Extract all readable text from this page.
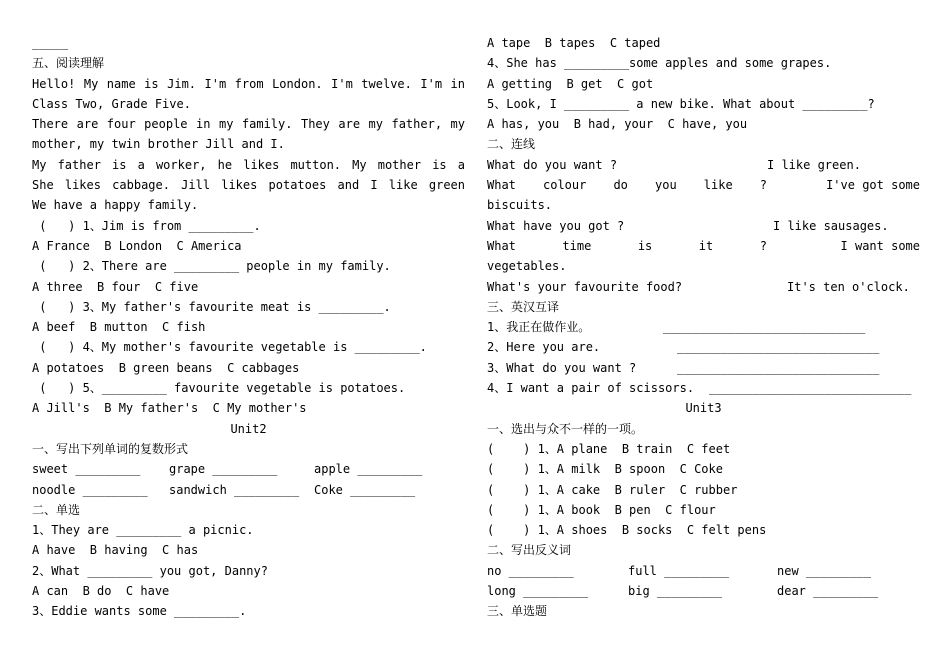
_____
五、阅读理解
Hello! My name is Jim. I'm from London. I'm twelve. I'm in
Class Two, Grade Five.
There are four people in my family. They are my father, my
mother, my twin brother Jill and I.
My father is a worker, he likes mutton. My mother is a
She likes cabbage. Jill likes potatoes and I like green
We have a happy family.
(   ) 1、Jim is from _________.
A France  B London  C America
(   ) 2、There are _________ people in my family.
A three  B four  C five
(   ) 3、My father's favourite meat is _________.
A beef  B mutton  C fish
(   ) 4、My mother's favourite vegetable is _________.
A potatoes  B green beans  C cabbages
(   ) 5、_________ favourite vegetable is potatoes.
A Jill's  B My father's  C My mother's
Unit2
一、写出下列单词的复数形式
sweet _________ grape _________	apple _________
noodle _________ sandwich _________ Coke _________
二、单选
1、They are _________ a picnic.
A have  B having  C has
2、What _________ you got, Danny?
A can  B do  C have
3、Eddie wants some _________.
A tape  B tapes  C taped
4、She has _________some apples and some grapes.
A getting  B get  C got
5、Look, I _________ a new bike. What about _________?
A has, you  B had, your  C have, you
二、连线
What do you want ?	I like green.
What colour do you like ?	I've got some
biscuits.
What have you got ?	I like sausages.
What time is it ?	I want some
vegetables.
What's your favourite food?	It's ten o'clock.
三、英汉互译
1、我正在做作业。	____________________________
2、Here you are.	____________________________
3、What do you want ?	____________________________
4、I want a pair of scissors. ____________________________
Unit3
一、选出与众不一样的一项。
(    ) 1、A plane  B train  C feet
(    ) 1、A milk  B spoon  C Coke
(    ) 1、A cake  B ruler  C rubber
(    ) 1、A book  B pen  C flour
(    ) 1、A shoes  B socks  C felt pens
二、写出反义词
no _________	full _________	new _________
long _________	big _________	dear _________
三、单选题
